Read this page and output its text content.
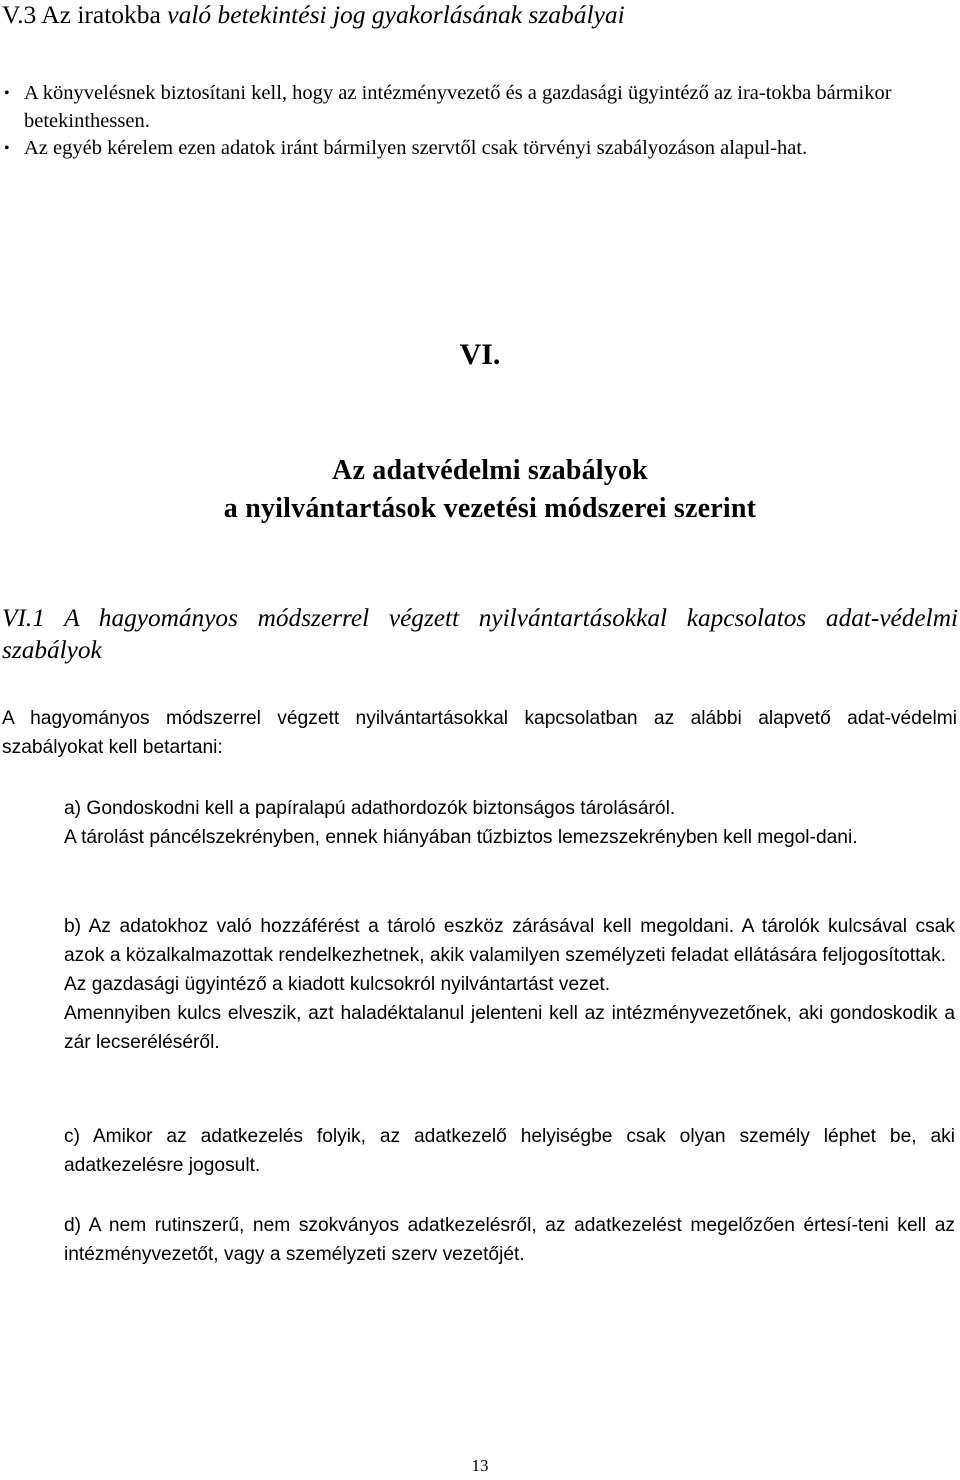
V.3 Az iratokba való betekintési jog gyakorlásának szabályai
• A könyvelésnek biztosítani kell, hogy az intézményvezető és a gazdasági ügyintéző az ira-tokba bármikor betekinthessen.
• Az egyéb kérelem ezen adatok iránt bármilyen szervtől csak törvényi szabályozáson alapul-hat.
VI.
Az adatvédelmi szabályok
a nyilvántartások vezetési módszerei szerint
VI.1 A hagyományos módszerrel végzett nyilvántartásokkal kapcsolatos adat-védelmi szabályok

A hagyományos módszerrel végzett nyilvántartásokkal kapcsolatban az alábbi alapvető adat-védelmi szabályokat kell betartani:

a) Gondoskodni kell a papíralapú adathordozók biztonságos tárolásáról.
A tárolást páncélszekrényben, ennek hiányában tűzbiztos lemezszekrényben kell megol-dani.
b) Az adatokhoz való hozzáférést a tároló eszköz zárásával kell megoldani. A tárolók kulcsával csak azok a közalkalmazottak rendelkezhetnek, akik valamilyen személyzeti feladat ellátására feljogosítottak.
Az gazdasági ügyintéző a kiadott kulcsokról nyilvántartást vezet.
Amennyiben kulcs elveszik, azt haladéktalanul jelenteni kell az intézményvezetőnek, aki gondoskodik a zár lecseréléséről.
c) Amikor az adatkezelés folyik, az adatkezelő helyiségbe csak olyan személy léphet be, aki adatkezelésre jogosult.
d) A nem rutinszerű, nem szokványos adatkezelésről, az adatkezelést megelőzően értesí-teni kell az intézményvezetőt, vagy a személyzeti szerv vezetőjét.
13
